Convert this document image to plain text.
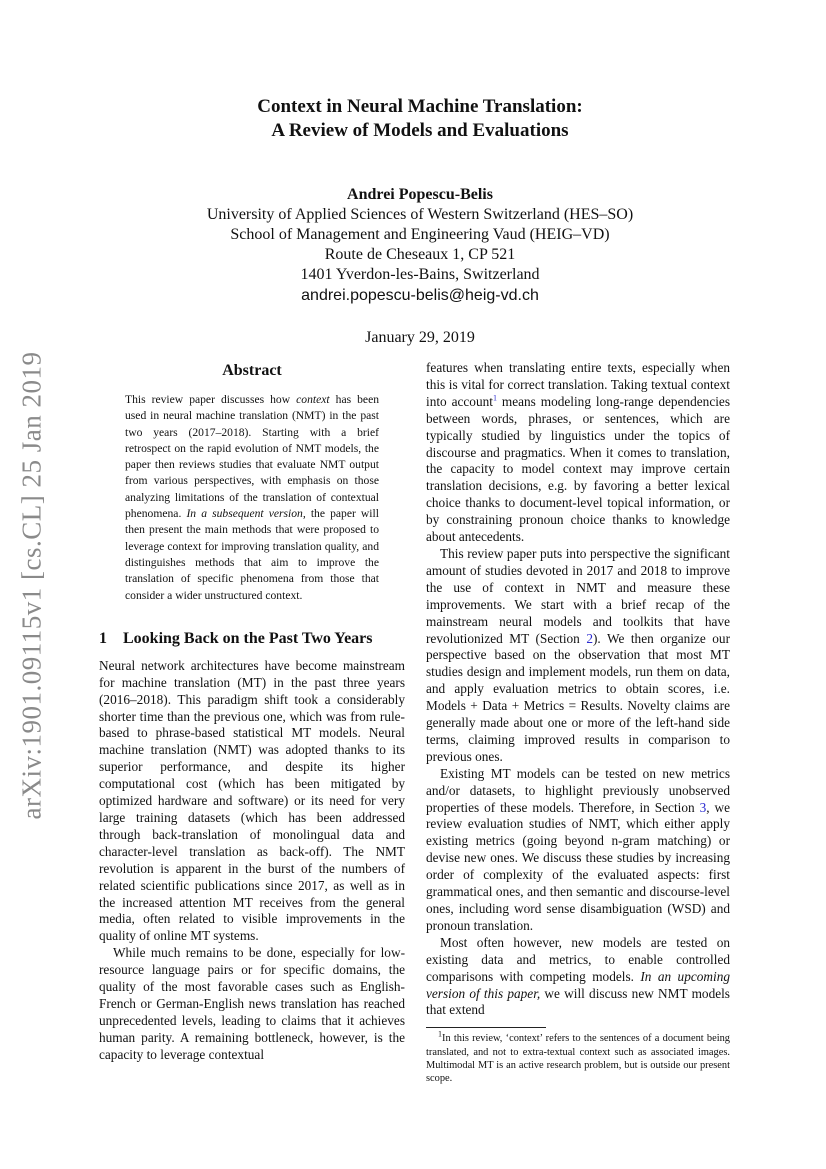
arXiv:1901.09115v1 [cs.CL] 25 Jan 2019
Context in Neural Machine Translation:
A Review of Models and Evaluations
Andrei Popescu-Belis
University of Applied Sciences of Western Switzerland (HES–SO)
School of Management and Engineering Vaud (HEIG–VD)
Route de Cheseaux 1, CP 521
1401 Yverdon-les-Bains, Switzerland
andrei.popescu-belis@heig-vd.ch
January 29, 2019
Abstract

This review paper discusses how context has been used in neural machine translation (NMT) in the past two years (2017–2018). Starting with a brief retrospect on the rapid evolution of NMT models, the paper then reviews studies that evaluate NMT output from various perspectives, with emphasis on those analyzing limitations of the translation of contextual phenomena. In a subsequent version, the paper will then present the main methods that were proposed to leverage context for improving translation quality, and distinguishes methods that aim to improve the translation of specific phenomena from those that consider a wider unstructured context.

1 Looking Back on the Past Two Years

Neural network architectures have become mainstream for machine translation (MT) in the past three years (2016–2018). This paradigm shift took a considerably shorter time than the previous one, which was from rule-based to phrase-based statistical MT models. Neural machine translation (NMT) was adopted thanks to its superior performance, and despite its higher computational cost (which has been mitigated by optimized hardware and software) or its need for very large training datasets (which has been addressed through back-translation of monolingual data and character-level translation as back-off). The NMT revolution is apparent in the burst of the numbers of related scientific publications since 2017, as well as in the increased attention MT receives from the general media, often related to visible improvements in the quality of online MT systems.

While much remains to be done, especially for low-resource language pairs or for specific domains, the quality of the most favorable cases such as English-French or German-English news translation has reached unprecedented levels, leading to claims that it achieves human parity. A remaining bottleneck, however, is the capacity to leverage contextual

features when translating entire texts, especially when this is vital for correct translation. Taking textual context into account$^1$ means modeling long-range dependencies between words, phrases, or sentences, which are typically studied by linguistics under the topics of discourse and pragmatics. When it comes to translation, the capacity to model context may improve certain translation decisions, e.g. by favoring a better lexical choice thanks to document-level topical information, or by constraining pronoun choice thanks to knowledge about antecedents.

This review paper puts into perspective the significant amount of studies devoted in 2017 and 2018 to improve the use of context in NMT and measure these improvements. We start with a brief recap of the mainstream neural models and toolkits that have revolutionized MT (Section 2). We then organize our perspective based on the observation that most MT studies design and implement models, run them on data, and apply evaluation metrics to obtain scores, i.e. Models + Data + Metrics = Results. Novelty claims are generally made about one or more of the left-hand side terms, claiming improved results in comparison to previous ones.

Existing MT models can be tested on new metrics and/or datasets, to highlight previously unobserved properties of these models. Therefore, in Section 3, we review evaluation studies of NMT, which either apply existing metrics (going beyond n-gram matching) or devise new ones. We discuss these studies by increasing order of complexity of the evaluated aspects: first grammatical ones, and then semantic and discourse-level ones, including word sense disambiguation (WSD) and pronoun translation.

Most often however, new models are tested on existing data and metrics, to enable controlled comparisons with competing models. In an upcoming version of this paper, we will discuss new NMT models that extend

$^1$In this review, ‘context’ refers to the sentences of a document being translated, and not to extra-textual context such as associated images. Multimodal MT is an active research problem, but is outside our present scope.
